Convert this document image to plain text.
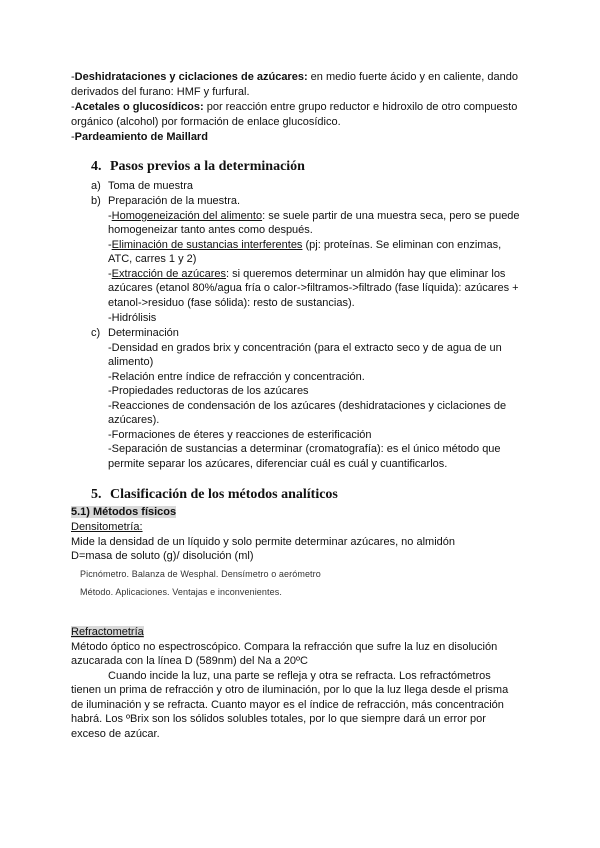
-Deshidrataciones y ciclaciones de azúcares: en medio fuerte ácido y en caliente, dando
derivados del furano: HMF y furfural.
-Acetales o glucosídicos: por reacción entre grupo reductor e hidroxilo de otro compuesto
orgánico (alcohol) por formación de enlace glucosídico.
-Pardeamiento de Maillard
4. Pasos previos a la determinación
a) Toma de muestra
b) Preparación de la muestra.
-Homogeneización del alimento: se suele partir de una muestra seca, pero se puede
homogeneizar tanto antes como después.
-Eliminación de sustancias interferentes (pj: proteínas. Se eliminan con enzimas,
ATC, carres 1 y 2)
-Extracción de azúcares: si queremos determinar un almidón hay que eliminar los
azúcares (etanol 80%/agua fría o calor->filtramos->filtrado (fase líquida): azúcares +
etanol->residuo (fase sólida): resto de sustancias).
-Hidrólisis
c) Determinación
-Densidad en grados brix y concentración (para el extracto seco y de agua de un
alimento)
-Relación entre índice de refracción y concentración.
-Propiedades reductoras de los azúcares
-Reacciones de condensación de los azúcares (deshidrataciones y ciclaciones de
azúcares).
-Formaciones de éteres y reacciones de esterificación
-Separación de sustancias a determinar (cromatografía): es el único método que
permite separar los azúcares, diferenciar cuál es cuál y cuantificarlos.
5. Clasificación de los métodos analíticos
5.1) Métodos físicos
Densitometría:
Mide la densidad de un líquido y solo permite determinar azúcares, no almidón
D=masa de soluto (g)/ disolución (ml)
Picnómetro. Balanza de Wesphal. Densímetro o aerómetro
Método. Aplicaciones. Ventajas e inconvenientes.
Refractometría
Método óptico no espectroscópico. Compara la refracción que sufre la luz en disolución
azucarada con la línea D (589nm) del Na a 20ºC
Cuando incide la luz, una parte se refleja y otra se refracta. Los refractómetros
tienen un prima de refracción y otro de iluminación, por lo que la luz llega desde el prisma
de iluminación y se refracta. Cuanto mayor es el índice de refracción, más concentración
habrá. Los ºBrix son los sólidos solubles totales, por lo que siempre dará un error por
exceso de azúcar.
